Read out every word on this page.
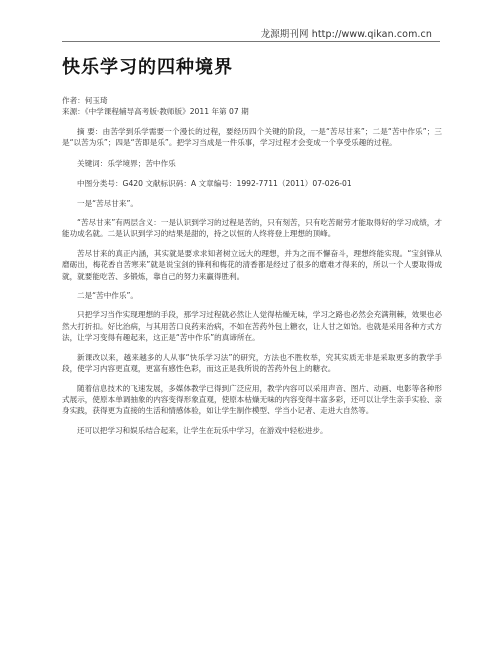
龙源期刊网 http://www.qikan.com.cn
快乐学习的四种境界
作者：何玉琦
来源：《中学课程辅导高考版·教师版》2011 年第 07 期

摘 要：由苦学到乐学需要一个漫长的过程，要经历四个关键的阶段，一是“苦尽甘来”；二是“苦中作乐”；三是“以苦为乐”；四是“苦即是乐”。把学习当成是一件乐事，学习过程才会变成一个享受乐趣的过程。

关键词：乐学境界；苦中作乐

中图分类号：G420 文献标识码：A 文章编号：1992-7711（2011）07-026-01

一是“苦尽甘来”。

“苦尽甘来”有两层含义：一是认识到学习的过程是苦的，只有刻苦，只有吃苦耐劳才能取得好的学习成绩，才能功成名就。二是认识到学习的结果是甜的，持之以恒的人终将登上理想的顶峰。

苦尽甘来的真正内涵，其实就是要求求知者树立远大的理想，并为之而不懈奋斗，理想终能实现。“宝剑锋从磨砺出，梅花香自苦寒来”就是说宝剑的锋利和梅花的清香都是经过了很多的磨难才得来的，所以一个人要取得成就，就要能吃苦、多锻炼，靠自己的努力来赢得胜利。

二是“苦中作乐”。

只把学习当作实现理想的手段，那学习过程就必然让人觉得枯燥无味，学习之路也必然会充满荆棘，效果也必然大打折扣。好比治病，与其用苦口良药来治病，不如在苦药外包上糖衣，让人甘之如饴。也就是采用各种方式方法，让学习变得有趣起来，这正是“苦中作乐”的真谛所在。

新课改以来，越来越多的人从事“快乐学习法”的研究，方法也不胜枚举，究其实质无非是采取更多的教学手段，使学习内容更直观，更富有感性色彩，而这正是我所说的苦药外包上的糖衣。

随着信息技术的飞速发展，多媒体教学已得到广泛应用，教学内容可以采用声音、图片、动画、电影等各种形式展示，使原本单调抽象的内容变得形象直观，使原本枯燥无味的内容变得丰富多彩，还可以让学生亲手实验、亲身实践，获得更为直接的生活和情感体验，如让学生制作模型、学当小记者、走进大自然等。

还可以把学习和娱乐结合起来，让学生在玩乐中学习，在游戏中轻松进步。
